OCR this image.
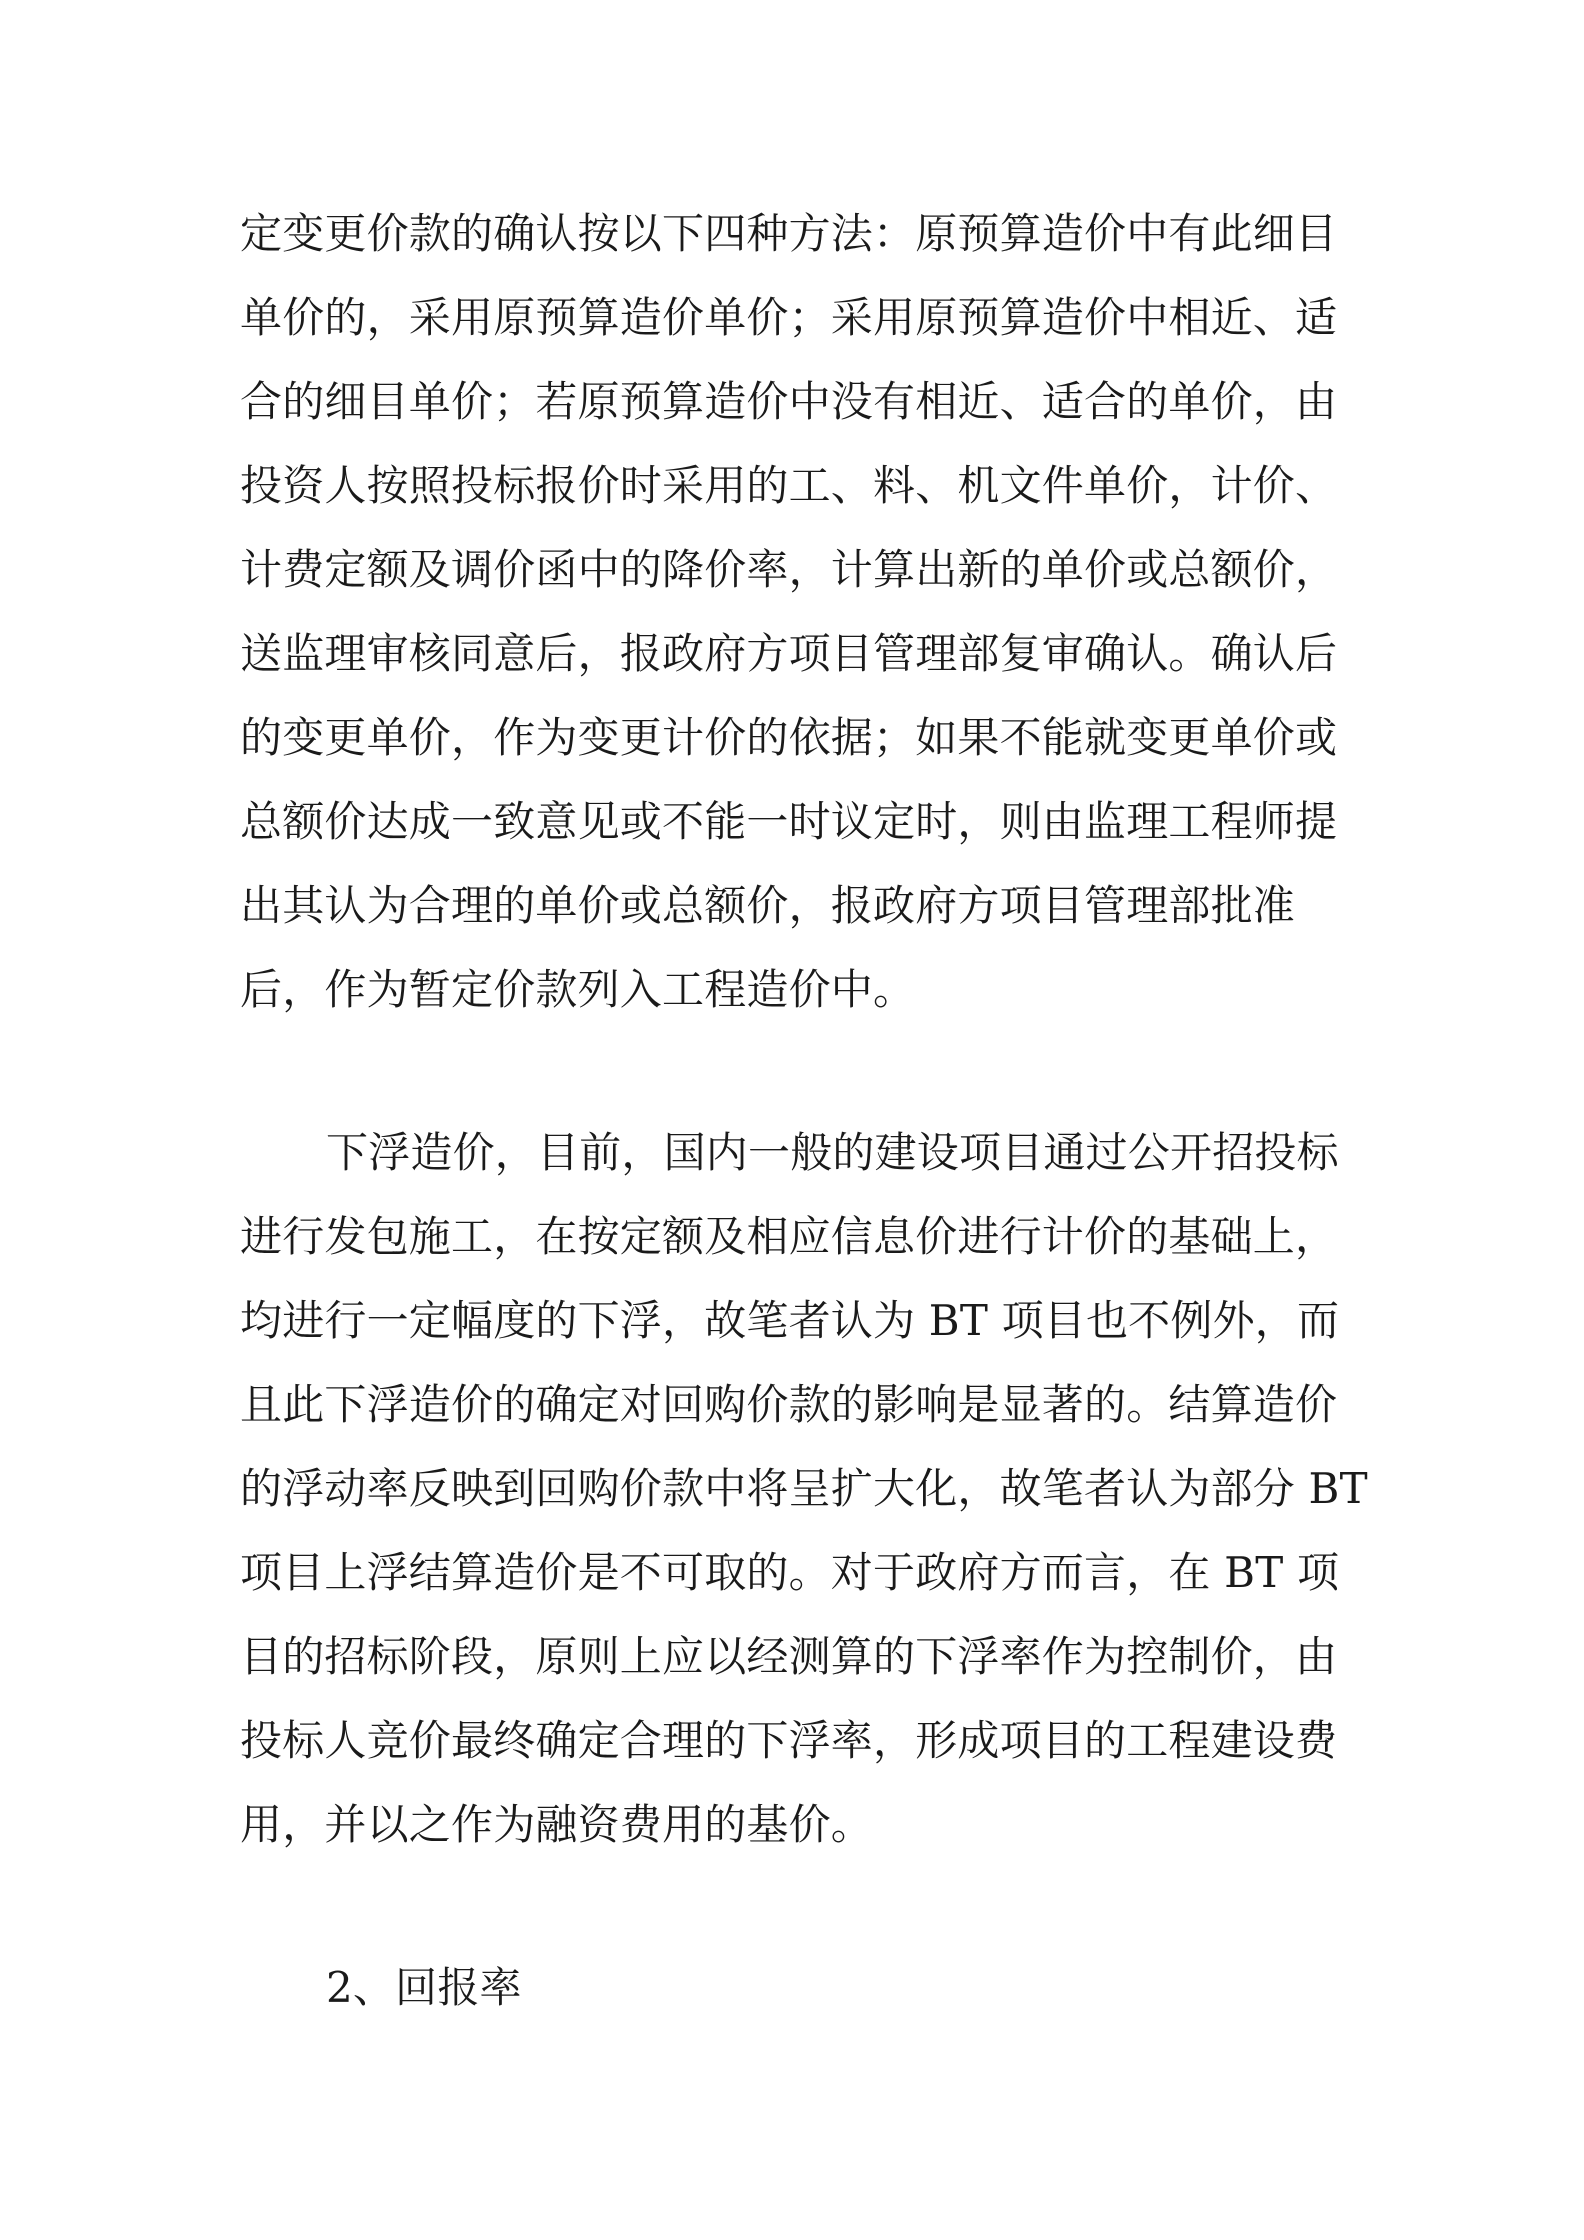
定变更价款的确认按以下四种方法：原预算造价中有此细目
单价的，采用原预算造价单价；采用原预算造价中相近、适
合的细目单价；若原预算造价中没有相近、适合的单价，由
投资人按照投标报价时采用的工、料、机文件单价，计价、
计费定额及调价函中的降价率，计算出新的单价或总额价，
送监理审核同意后，报政府方项目管理部复审确认。确认后
的变更单价，作为变更计价的依据；如果不能就变更单价或
总额价达成一致意见或不能一时议定时，则由监理工程师提
出其认为合理的单价或总额价，报政府方项目管理部批准
后，作为暂定价款列入工程造价中。
下浮造价，目前，国内一般的建设项目通过公开招投标
进行发包施工，在按定额及相应信息价进行计价的基础上，
均进行一定幅度的下浮，故笔者认为 BT 项目也不例外，而
且此下浮造价的确定对回购价款的影响是显著的。结算造价
的浮动率反映到回购价款中将呈扩大化，故笔者认为部分 BT
项目上浮结算造价是不可取的。对于政府方而言，在 BT 项
目的招标阶段，原则上应以经测算的下浮率作为控制价，由
投标人竞价最终确定合理的下浮率，形成项目的工程建设费
用，并以之作为融资费用的基价。
2、回报率
